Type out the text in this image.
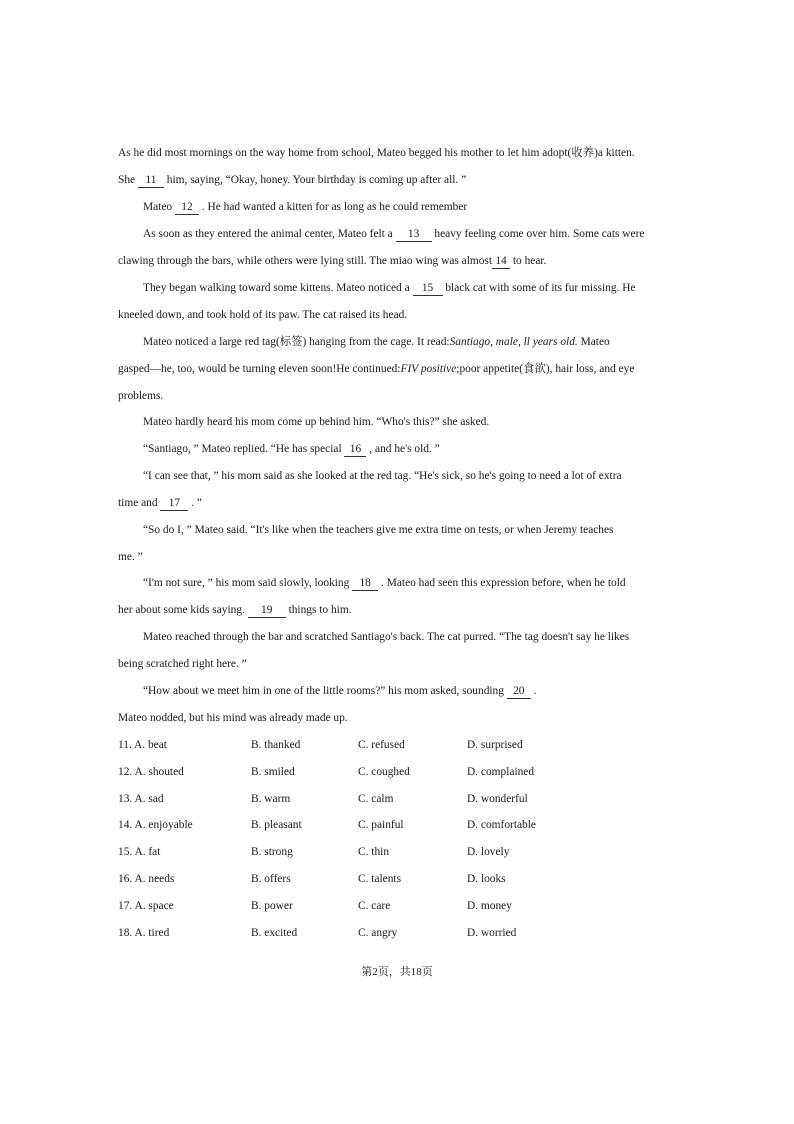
As he did most mornings on the way home from school, Mateo begged his mother to let him adopt(收养)a kitten.
She 11 him, saying, “Okay, honey. Your birthday is coming up after all. ”
Mateo 12 . He had wanted a kitten for as long as he could remember
As soon as they entered the animal center, Mateo felt a 13 heavy feeling come over him. Some cats were
clawing through the bars, while others were lying still. The miao wing was almost 14 to hear.
They began walking toward some kittens. Mateo noticed a 15 black cat with some of its fur missing. He
kneeled down, and took hold of its paw. The cat raised its head.
Mateo noticed a large red tag(标签) hanging from the cage. It read:Santiago, male, ll years old. Mateo
gasped—he, too, would be turning eleven soon!He continued:FIV positive;poor appetite(食欲), hair loss, and eye
problems.
Mateo hardly heard his mom come up behind him. “Who's this?” she asked.
“Santiago, ” Mateo replied. “He has special 16 , and he's old. ”
“I can see that, ” his mom said as she looked at the red tag. “He's sick, so he's going to need a lot of extra
time and 17 . ”
“So do I, ” Mateo said. “It's like when the teachers give me extra time on tests, or when Jeremy teaches
me. ”
“I'm not sure, ” his mom said slowly, looking 18 . Mateo had seen this expression before, when he told
her about some kids saying. 19 things to him.
Mateo reached through the bar and scratched Santiago's back. The cat purred. “The tag doesn't say he likes
being scratched right here. ”
“How about we meet him in one of the little rooms?” his mom asked, sounding 20 .
Mateo nodded, but his mind was already made up.
11. A. beat	B. thanked	C. refused	D. surprised
12. A. shouted	B. smiled	C. coughed	D. complained
13. A. sad	B. warm	C. calm	D. wonderful
14. A. enjoyable	B. pleasant	C. painful	D. comfortable
15. A. fat	B. strong	C. thin	D. lovely
16. A. needs	B. offers	C. talents	D. looks
17. A. space	B. power	C. care	D. money
18. A. tired	B. excited	C. angry	D. worried
第2页，共18页
